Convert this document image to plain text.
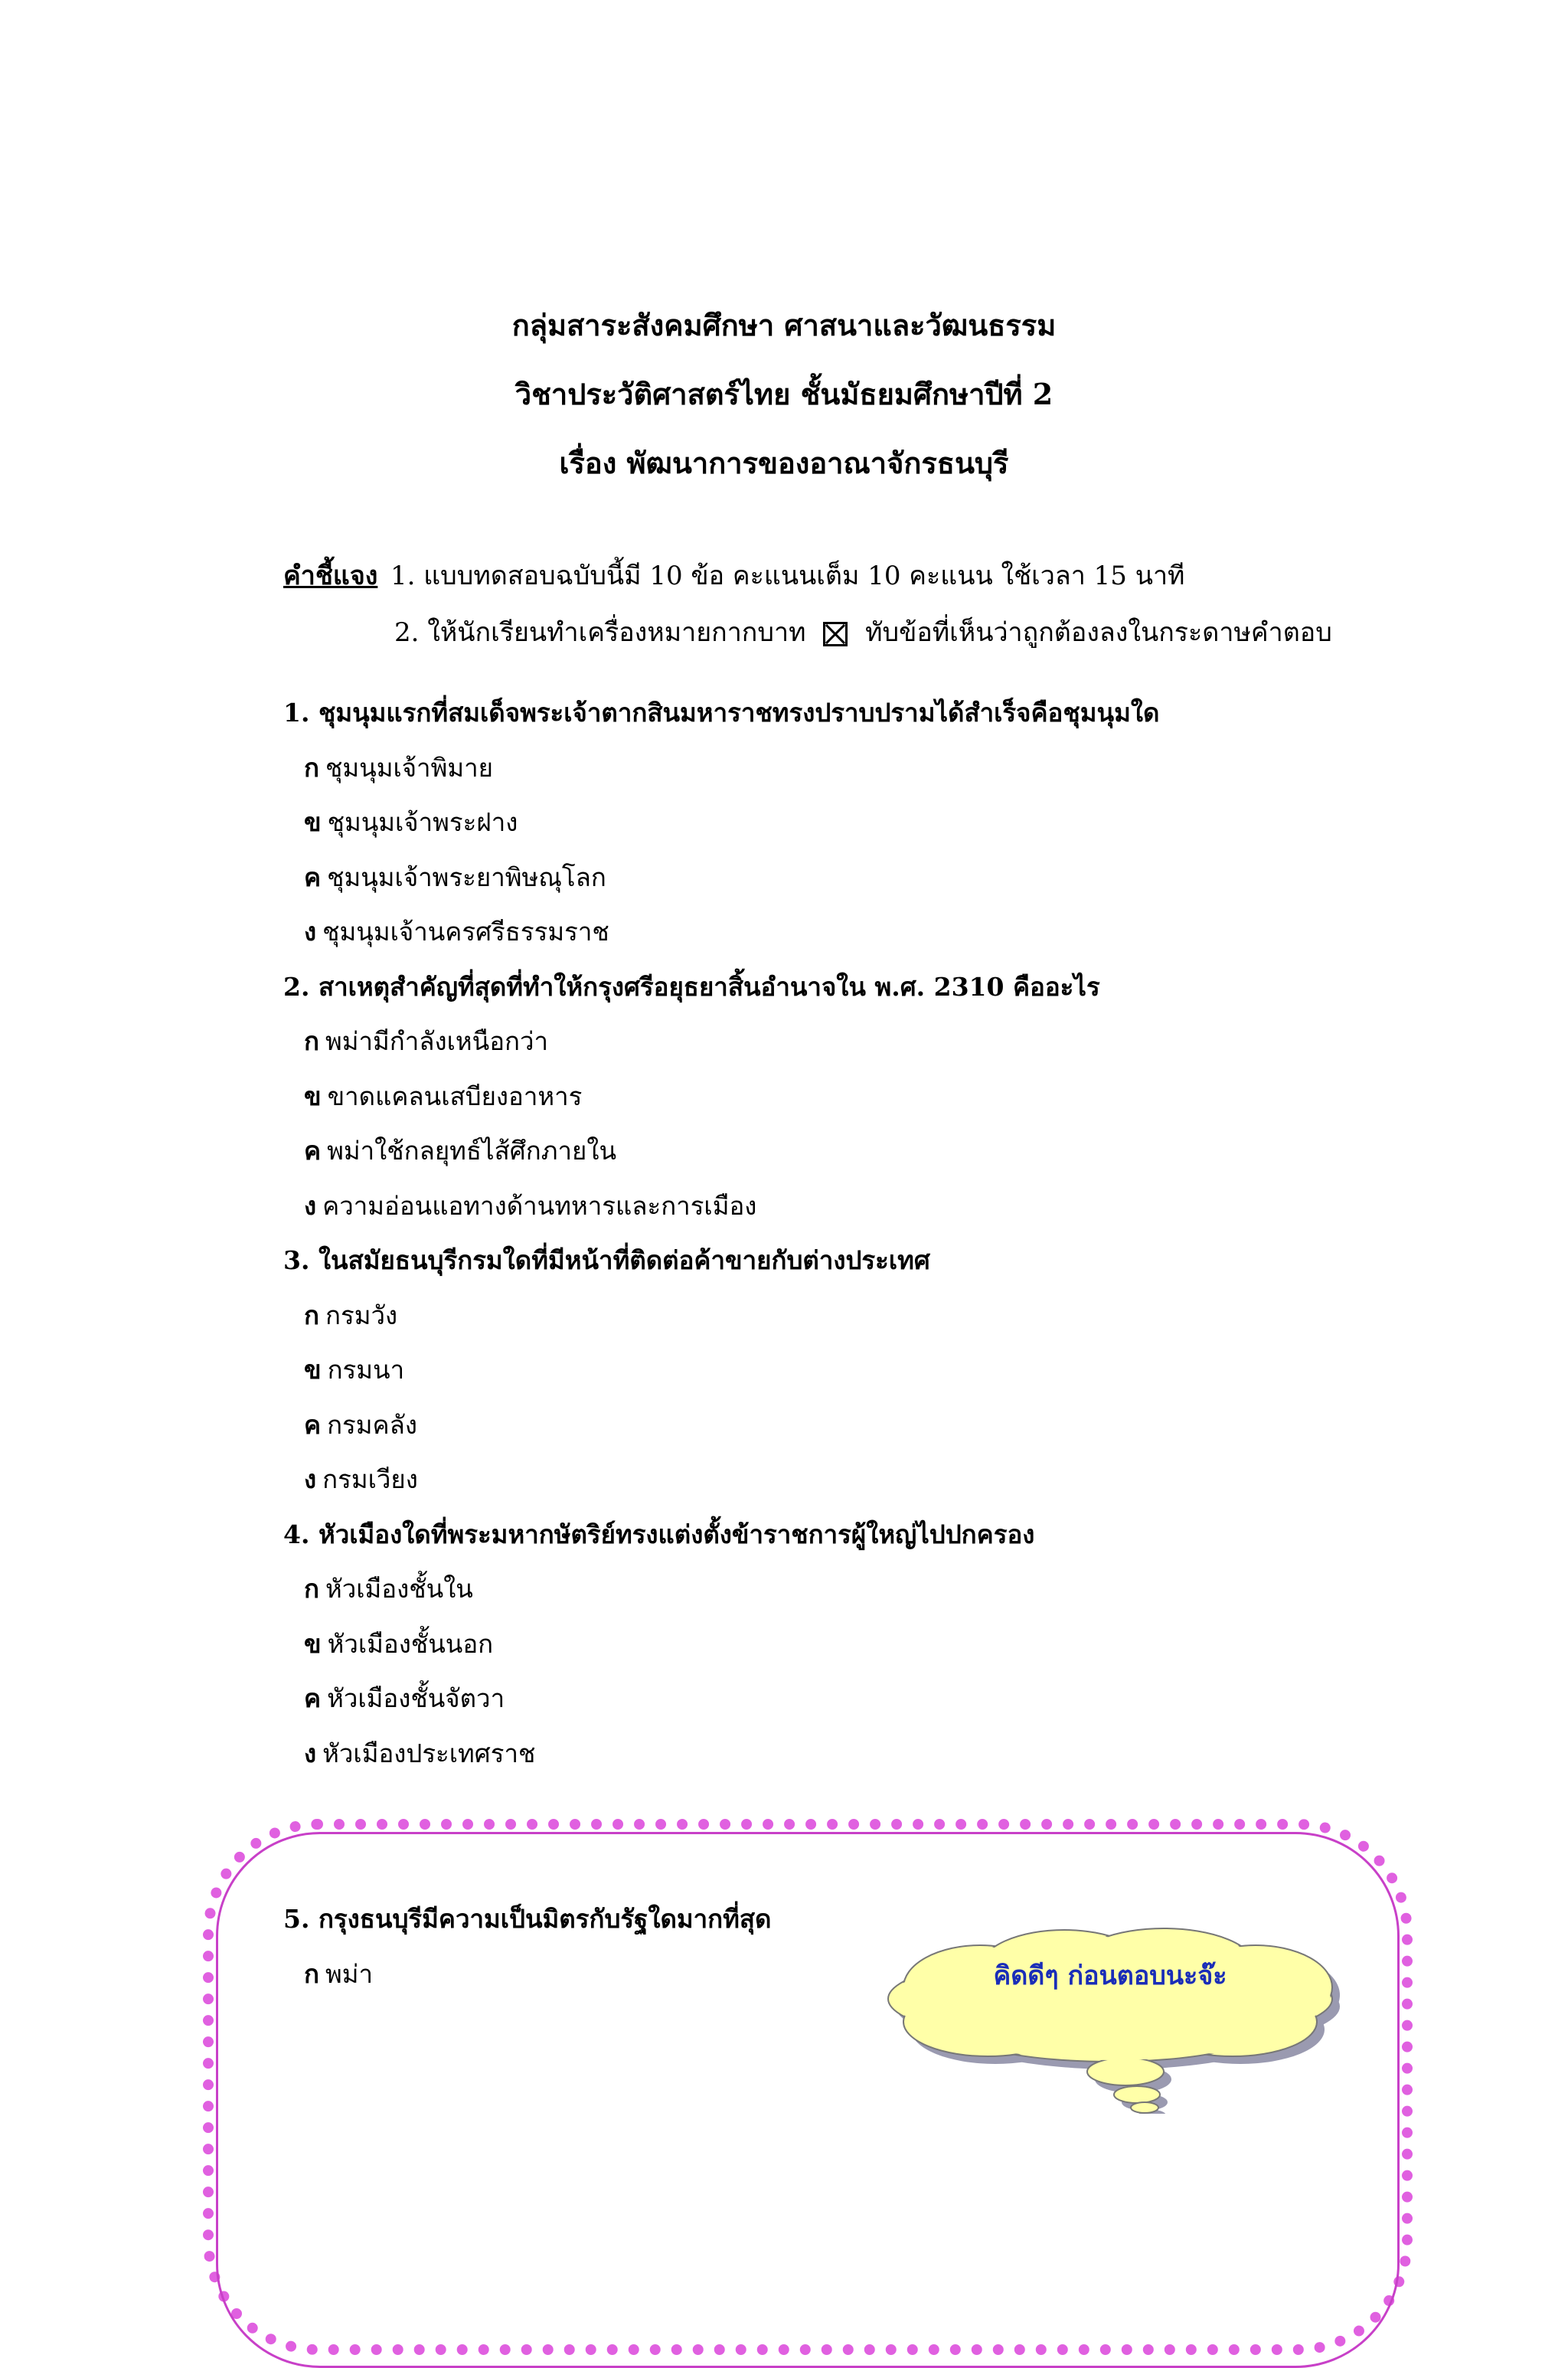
กลุ่มสาระสังคมศึกษา ศาสนาและวัฒนธรรม

วิชาประวัติศาสตร์ไทย ชั้นมัธยมศึกษาปีที่ 2

เรื่อง พัฒนาการของอาณาจักรธนบุรี

คำชี้แจง 1. แบบทดสอบฉบับนี้มี 10 ข้อ คะแนนเต็ม 10 คะแนน ใช้เวลา 15 นาที
2. ให้นักเรียนทำเครื่องหมายกากบาท ☒ ทับข้อที่เห็นว่าถูกต้องลงในกระดาษคำตอบ
1. ชุมนุมแรกที่สมเด็จพระเจ้าตากสินมหาราชทรงปราบปรามได้สำเร็จคือชุมนุมใด
ก ชุมนุมเจ้าพิมาย
ข ชุมนุมเจ้าพระฝาง
ค ชุมนุมเจ้าพระยาพิษณุโลก
ง ชุมนุมเจ้านครศรีธรรมราช
2. สาเหตุสำคัญที่สุดที่ทำให้กรุงศรีอยุธยาสิ้นอำนาจใน พ.ศ. 2310 คืออะไร
ก พม่ามีกำลังเหนือกว่า
ข ขาดแคลนเสบียงอาหาร
ค พม่าใช้กลยุทธ์ไส้ศึกภายใน
ง ความอ่อนแอทางด้านทหารและการเมือง
3. ในสมัยธนบุรีกรมใดที่มีหน้าที่ติดต่อค้าขายกับต่างประเทศ
ก กรมวัง
ข กรมนา
ค กรมคลัง
ง กรมเวียง
4. หัวเมืองใดที่พระมหากษัตริย์ทรงแต่งตั้งข้าราชการผู้ใหญ่ไปปกครอง
ก หัวเมืองชั้นใน
ข หัวเมืองชั้นนอก
ค หัวเมืองชั้นจัตวา
ง หัวเมืองประเทศราช
5. กรุงธนบุรีมีความเป็นมิตรกับรัฐใดมากที่สุด
ก พม่า	คิดดีๆ ก่อนตอบนะจ๊ะ
